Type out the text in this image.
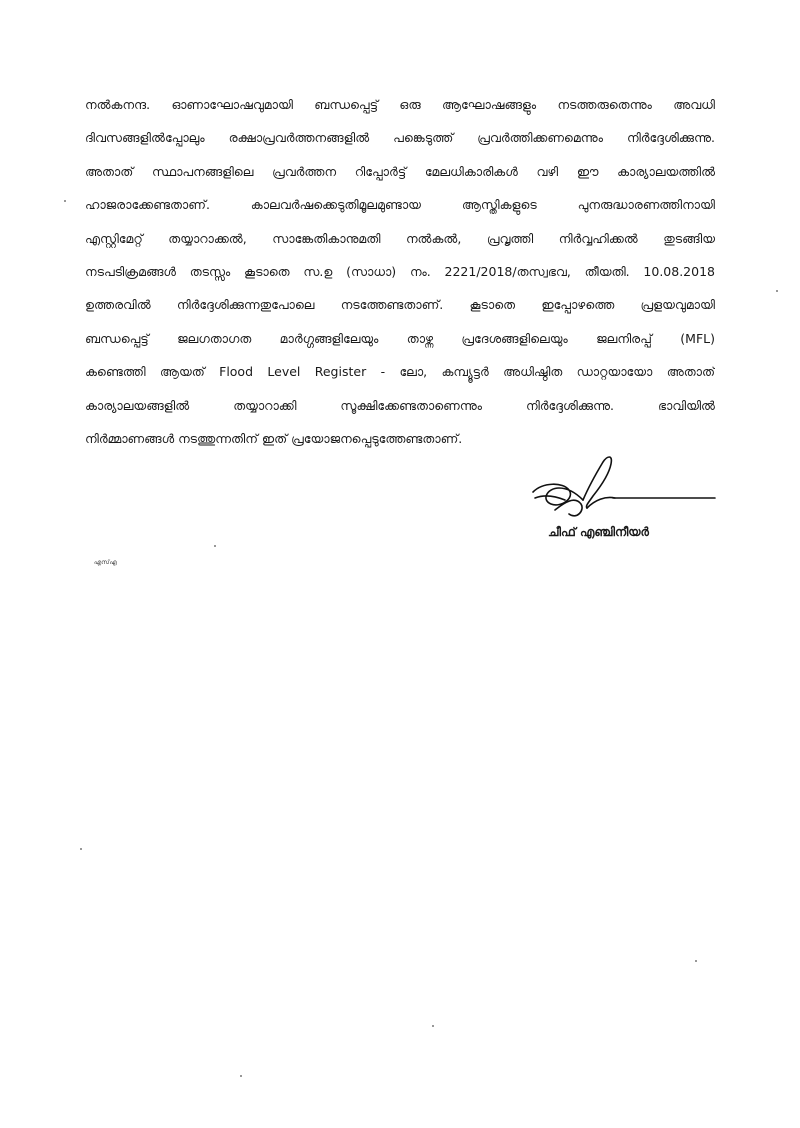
നൽകനന്ദ. ഓണാഘോഷവുമായി ബന്ധപ്പെട്ട് ഒരു ആഘോഷങ്ങളും നടത്തരുതെന്നും അവധി
ദിവസങ്ങളിൽപ്പോലും രക്ഷാപ്രവർത്തനങ്ങളിൽ പങ്കെടുത്ത് പ്രവർത്തിക്കണമെന്നും നിർദ്ദേശിക്കുന്നു.
അതാത് സ്ഥാപനങ്ങളിലെ പ്രവർത്തന റിപ്പോർട്ട് മേലധികാരികൾ വഴി ഈ കാര്യാലയത്തിൽ
ഹാജരാക്കേണ്ടതാണ്. കാലവർഷക്കെടുതിമൂലമുണ്ടായ ആസ്തികളുടെ പുനരുദ്ധാരണത്തിനായി
എസ്റ്റിമേറ്റ് തയ്യാറാക്കൽ, സാങ്കേതികാനുമതി നൽകൽ, പ്രവൃത്തി നിർവ്വഹിക്കൽ തുടങ്ങിയ
നടപടിക്രമങ്ങൾ തടസ്സം കൂടാതെ സ.ഉ (സാധാ) നം. 2221/2018/തസ്വഭവ, തീയതി. 10.08.2018
ഉത്തരവിൽ നിർദ്ദേശിക്കുന്നതുപോലെ നടത്തേണ്ടതാണ്. കൂടാതെ ഇപ്പോഴത്തെ പ്രളയവുമായി
ബന്ധപ്പെട്ട് ജലഗതാഗത മാർഗ്ഗങ്ങളിലേയും താഴ്ന്ന പ്രദേശങ്ങളിലെയും ജലനിരപ്പ് (MFL)
കണ്ടെത്തി ആയത് Flood Level Register - ലോ, കമ്പ്യൂട്ടർ അധിഷ്ഠിത ഡാറ്റയായോ അതാത്
കാര്യാലയങ്ങളിൽ തയ്യാറാക്കി സൂക്ഷിക്കേണ്ടതാണെന്നും നിർദ്ദേശിക്കുന്നു. ഭാവിയിൽ
നിർമ്മാണങ്ങൾ നടത്തുന്നതിന് ഇത് പ്രയോജനപ്പെടുത്തേണ്ടതാണ്.
ചീഫ് എഞ്ചിനീയർ
എസ്എ
